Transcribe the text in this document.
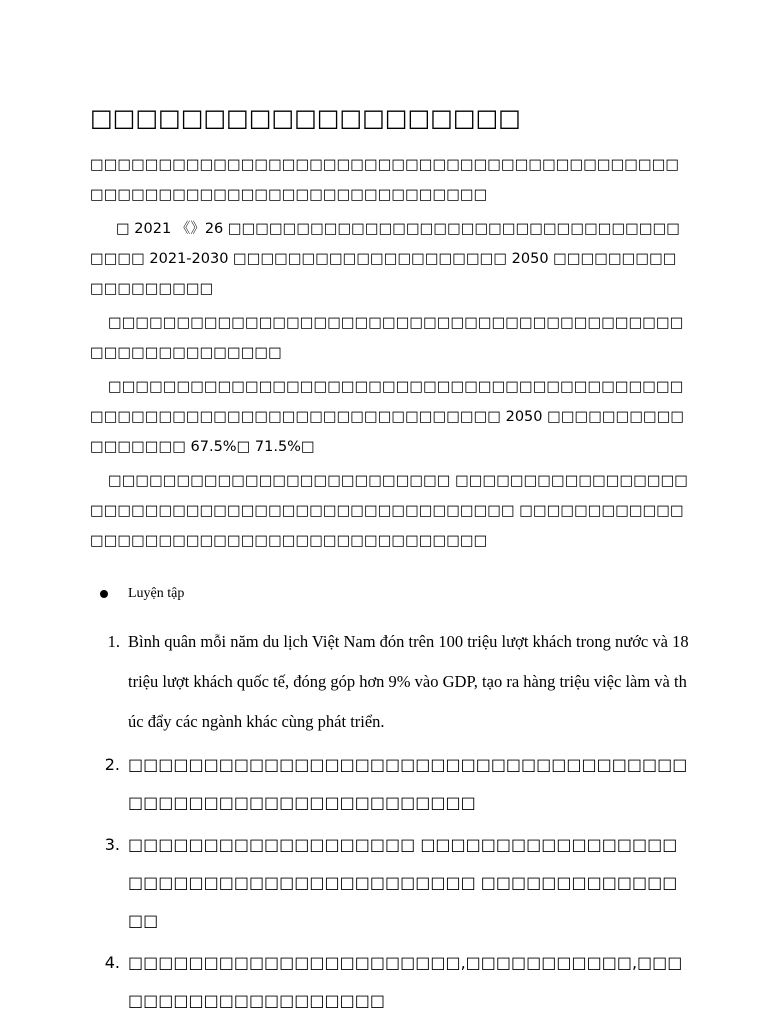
□□□□□□□□□□□□□□□□□□□

□□□□□□□□□□□□□□□□□□□□□□□□□□□□□□□□□□□□□□□□□□□□□□□□□□□□□□□□□□□□□□□□□□□□□□□□

□ 2021 《》26 □□□□□□□□□□□□□□□□□□□□□□□□□□□□□□□□□□□□□ 2021-2030 □□□□□□□□□□□□□□□□□□□□ 2050 □□□□□□□□□□□□□□□□□□

□□□□□□□□□□□□□□□□□□□□□□□□□□□□□□□□□□□□□□□□□□□□□□□□□□□□□□□□

□□□□□□□□□□□□□□□□□□□□□□□□□□□□□□□□□□□□□□□□□□□□□□□□□□□□□□□□□□□□□□□□□□□□□□□□ 2050 □□□□□□□□□□□□□□□□□ 67.5%□ 71.5%□

□□□□□□□□□□□□□□□□□□□□□□□□□ □□□□□□□□□□□□□□□□□□□□□□□□□□□□□□□□□□□□□□□□□□□□□□□□ □□□□□□□□□□□□□□□□□□□□□□□□□□□□□□□□□□□□□□□□□

Luyện tập
1. Bình quân mỗi năm du lịch Việt Nam đón trên 100 triệu lượt khách trong nước và 18 triệu lượt khách quốc tế, đóng góp hơn 9% vào GDP, tạo ra hàng triệu việc làm và thúc đẩy các ngành khác cùng phát triển.
2. □□□□□□□□□□□□□□□□□□□□□□□□□□□□□□□□□□□□□□□□□□□□□□□□□□□□□□□□□□□□
3. □□□□□□□□□□□□□□□□□□□ □□□□□□□□□□□□□□□□□□□□□□□□□□□□□□□□□□□□□□□□ □□□□□□□□□□□□□□□
4. □□□□□□□□□□□□□□□□□□□□□□,□□□□□□□□□□□,□□□□□□□□□□□□□□□□□□□□
